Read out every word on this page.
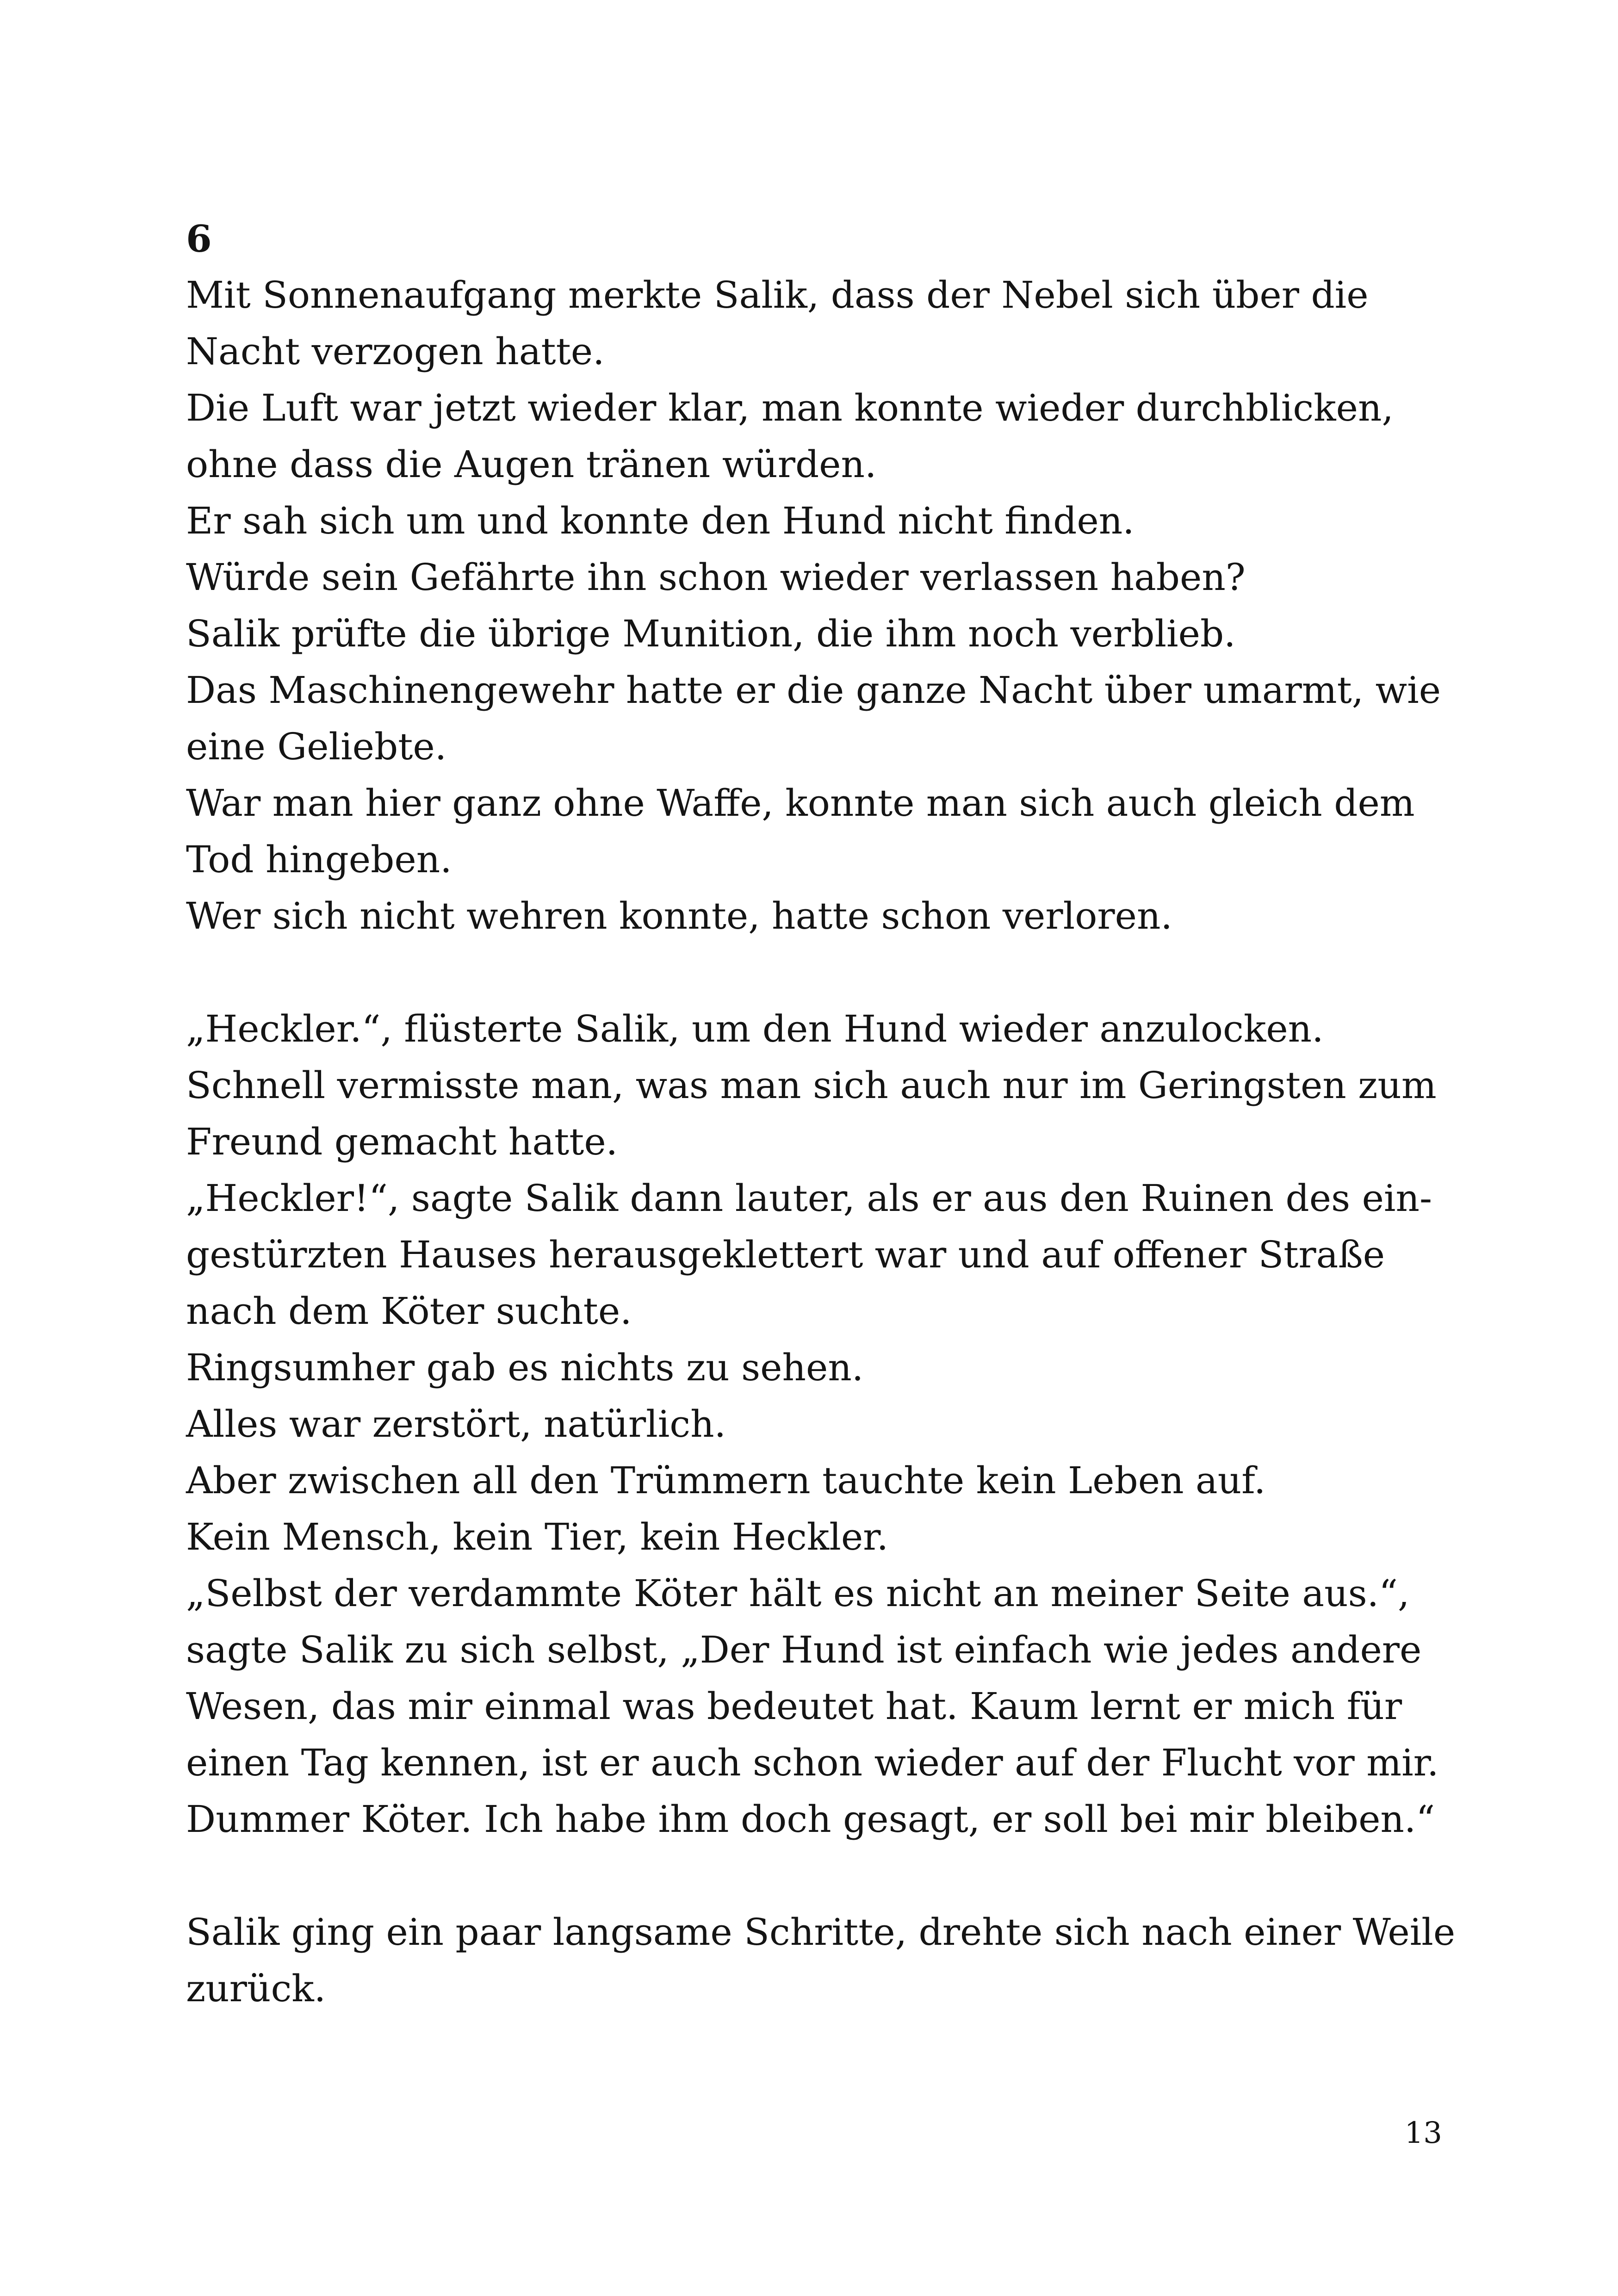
6
Mit Sonnenaufgang merkte Salik, dass der Nebel sich über die
Nacht verzogen hatte.
Die Luft war jetzt wieder klar, man konnte wieder durchblicken,
ohne dass die Augen tränen würden.
Er sah sich um und konnte den Hund nicht finden.
Würde sein Gefährte ihn schon wieder verlassen haben?
Salik prüfte die übrige Munition, die ihm noch verblieb.
Das Maschinengewehr hatte er die ganze Nacht über umarmt, wie
eine Geliebte.
War man hier ganz ohne Waffe, konnte man sich auch gleich dem
Tod hingeben.
Wer sich nicht wehren konnte, hatte schon verloren.
„Heckler.“, flüsterte Salik, um den Hund wieder anzulocken.
Schnell vermisste man, was man sich auch nur im Geringsten zum
Freund gemacht hatte.
„Heckler!“, sagte Salik dann lauter, als er aus den Ruinen des ein-
gestürzten Hauses herausgeklettert war und auf offener Straße
nach dem Köter suchte.
Ringsumher gab es nichts zu sehen.
Alles war zerstört, natürlich.
Aber zwischen all den Trümmern tauchte kein Leben auf.
Kein Mensch, kein Tier, kein Heckler.
„Selbst der verdammte Köter hält es nicht an meiner Seite aus.“,
sagte Salik zu sich selbst, „Der Hund ist einfach wie jedes andere
Wesen, das mir einmal was bedeutet hat. Kaum lernt er mich für
einen Tag kennen, ist er auch schon wieder auf der Flucht vor mir.
Dummer Köter. Ich habe ihm doch gesagt, er soll bei mir bleiben.“
Salik ging ein paar langsame Schritte, drehte sich nach einer Weile
zurück.
13
